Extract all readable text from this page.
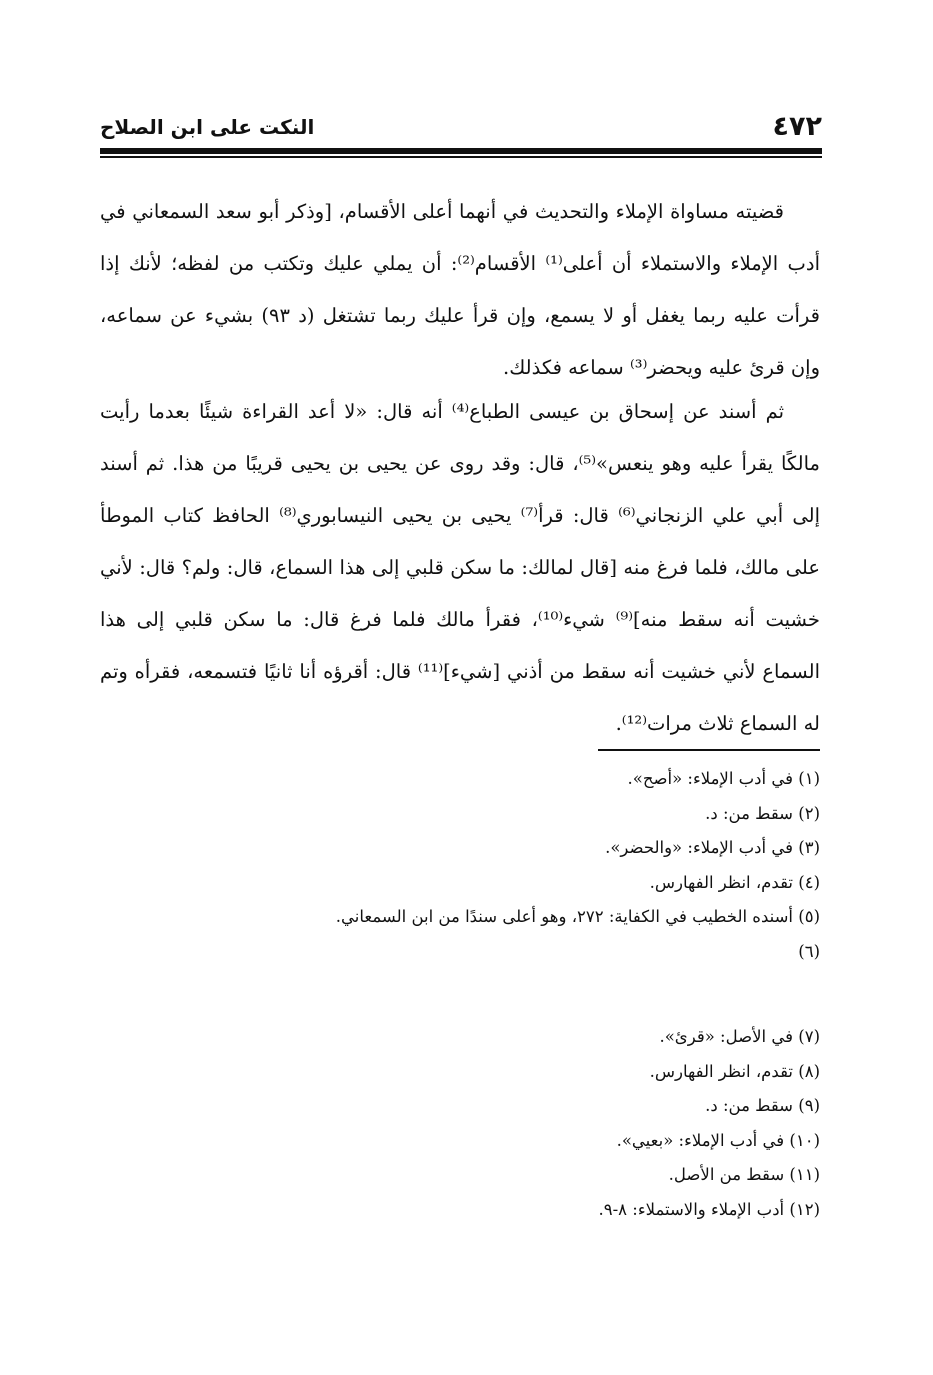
٤٧٢
النكت على ابن الصلاح

قضيته مساواة الإملاء والتحديث في أنهما أعلى الأقسام، [وذكر أبو سعد السمعاني في أدب الإملاء والاستملاء أن أعلى⁽¹⁾ الأقسام⁽²⁾: أن يملي عليك وتكتب من لفظه؛ لأنك إذا قرأت عليه ربما يغفل أو لا يسمع، وإن قرأ عليك ربما تشتغل (د ٩٣) بشيء عن سماعه، وإن قرئ عليه ويحضر⁽³⁾ سماعه فكذلك.

ثم أسند عن إسحاق بن عيسى الطباع⁽⁴⁾ أنه قال: «لا أعد القراءة شيئًا بعدما رأيت مالكًا يقرأ عليه وهو ينعس»⁽⁵⁾، قال: وقد روى عن يحيى بن يحيى قريبًا من هذا. ثم أسند إلى أبي علي الزنجاني⁽⁶⁾ قال: قرأ⁽⁷⁾ يحيى بن يحيى النيسابوري⁽⁸⁾ الحافظ كتاب الموطأ على مالك، فلما فرغ منه [قال لمالك: ما سكن قلبي إلى هذا السماع، قال: ولم؟ قال: لأني خشيت أنه سقط منه]⁽⁹⁾ شيء⁽¹⁰⁾، فقرأ مالك فلما فرغ قال: ما سكن قلبي إلى هذا السماع لأني خشيت أنه سقط من أذني [شيء]⁽¹¹⁾ قال: أقرؤه أنا ثانيًا فتسمعه، فقرأه وتم له السماع ثلاث مرات⁽¹²⁾.

(١) في أدب الإملاء: «أصح».
(٢) سقط من: د.
(٣) في أدب الإملاء: «والحضر».
(٤) تقدم، انظر الفهارس.
(٥) أسنده الخطيب في الكفاية: ٢٧٢، وهو أعلى سندًا من ابن السمعاني.
(٦)
(٧) في الأصل: «قرئ».
(٨) تقدم، انظر الفهارس.
(٩) سقط من: د.
(١٠) في أدب الإملاء: «بعيي».
(١١) سقط من الأصل.
(١٢) أدب الإملاء والاستملاء: ٨-٩.
